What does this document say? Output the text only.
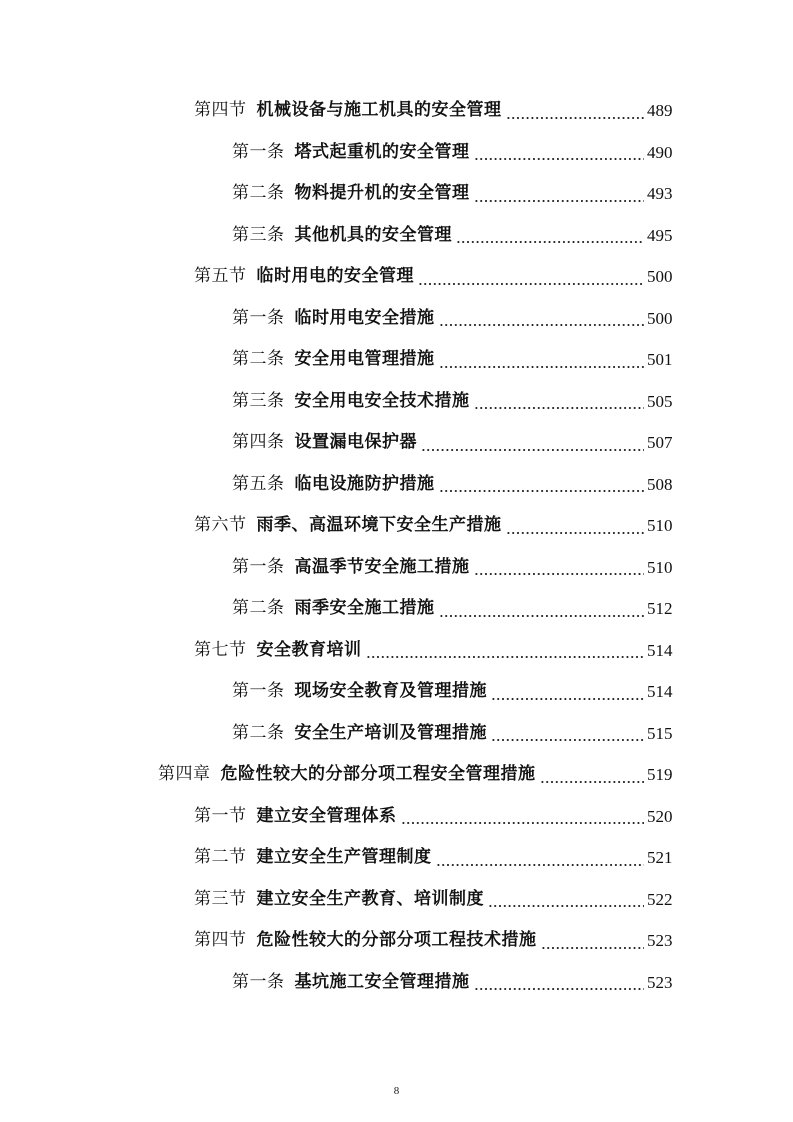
第四节 机械设备与施工机具的安全管理	489
第一条 塔式起重机的安全管理	490
第二条 物料提升机的安全管理	493
第三条 其他机具的安全管理	495
第五节 临时用电的安全管理	500
第一条 临时用电安全措施	500
第二条 安全用电管理措施	501
第三条 安全用电安全技术措施	505
第四条 设置漏电保护器	507
第五条 临电设施防护措施	508
第六节 雨季、高温环境下安全生产措施	510
第一条 高温季节安全施工措施	510
第二条 雨季安全施工措施	512
第七节 安全教育培训	514
第一条 现场安全教育及管理措施	514
第二条 安全生产培训及管理措施	515
第四章 危险性较大的分部分项工程安全管理措施	519
第一节 建立安全管理体系	520
第二节 建立安全生产管理制度	521
第三节 建立安全生产教育、培训制度	522
第四节 危险性较大的分部分项工程技术措施	523
第一条 基坑施工安全管理措施	523
8
